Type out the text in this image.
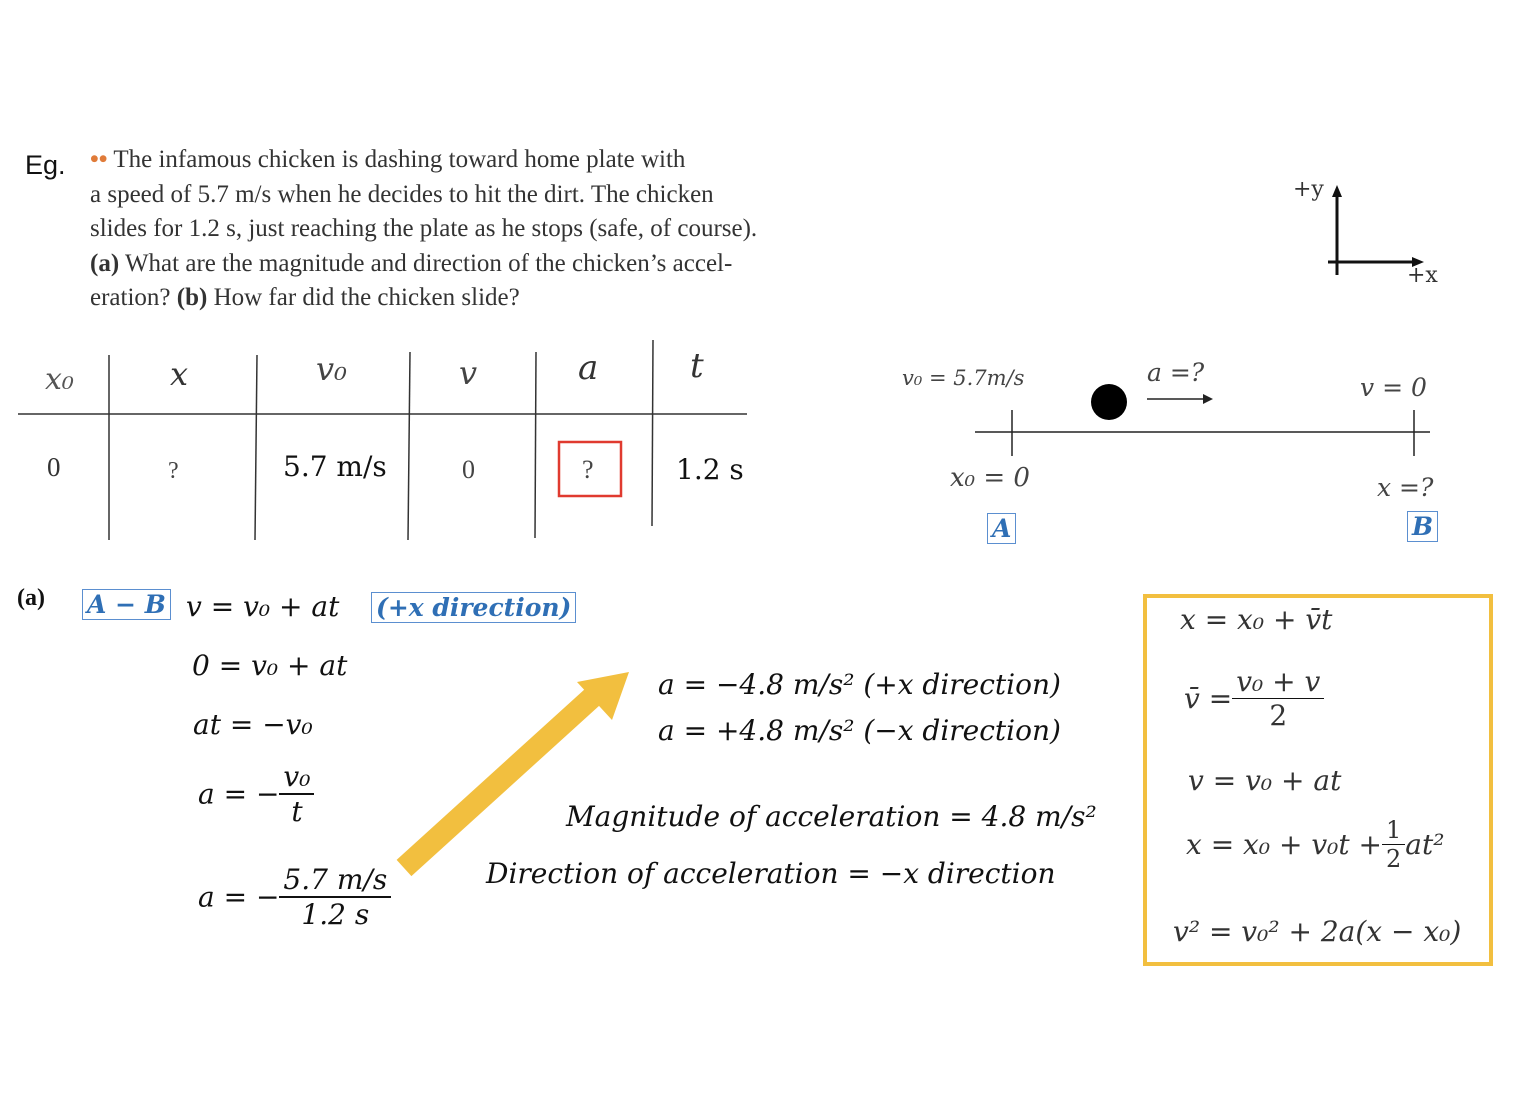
Eg. •• The infamous chicken is dashing toward home plate with
a speed of 5.7 m/s when he decides to hit the dirt. The chicken
slides for 1.2 s, just reaching the plate as he stops (safe, of course).
(a) What are the magnitude and direction of the chicken’s accel-
eration? (b) How far did the chicken slide?
+y
+x
x₀	x	v₀	v	a	t
0	?	5.7 m/s	0	?	1.2 s
v₀ = 5.7m/s	a =?
v = 0
x₀ = 0	x =?
A	B
(a) A − B v = v₀ + at (+x direction)
0 = v₀ + at
at = −v₀
a = − $\frac{\text{v₀}}{t}$
a = − $\frac{5.7 m/s}{1.2 s}$
a = −4.8 m/s² (+x direction)
a = +4.8 m/s² (−x direction)
Magnitude of acceleration = 4.8 m/s²
Direction of acceleration = −x direction
x = x₀ + v̄t
v̄ = $\frac{\text{v₀ + v}}{2}$
v = v₀ + at
$x = x_0 + v_0t + \frac{1}{2} at^2$
v² = v₀² + 2a(x − x₀)
